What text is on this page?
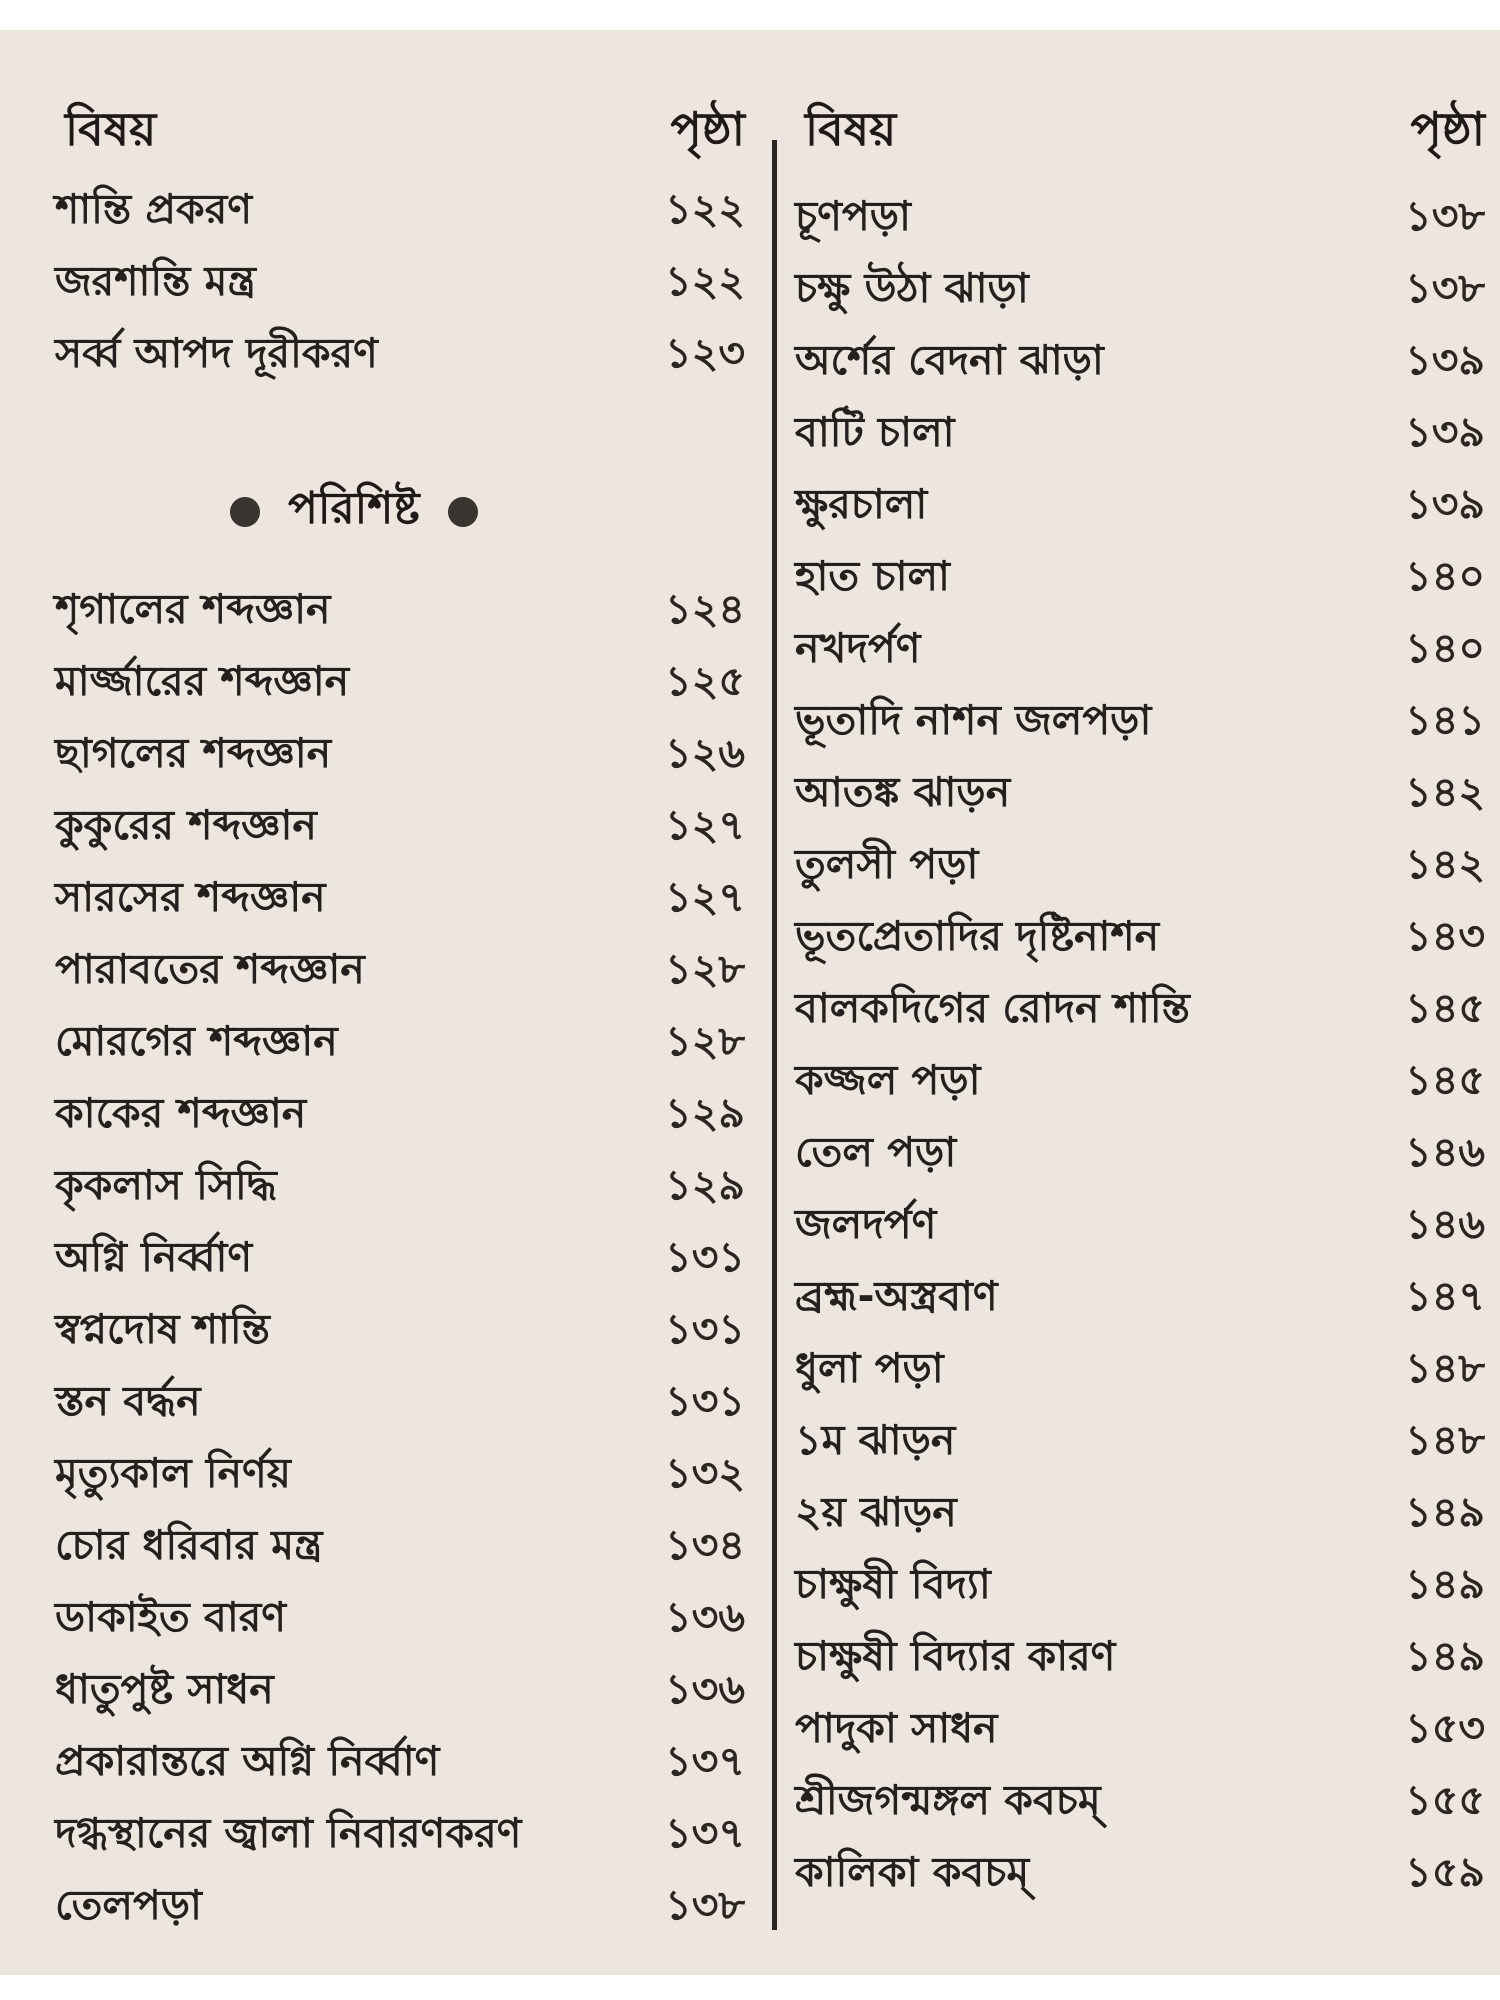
বিষয়	পৃষ্ঠা
শান্তি প্রকরণ	১২২
জরশান্তি মন্ত্র	১২২
সর্ব্ব আপদ দূরীকরণ	১২৩
পরিশিষ্ট
শৃগালের শব্দজ্ঞান	১২৪
মার্জ্জারের শব্দজ্ঞান	১২৫
ছাগলের শব্দজ্ঞান	১২৬
কুকুরের শব্দজ্ঞান	১২৭
সারসের শব্দজ্ঞান	১২৭
পারাবতের শব্দজ্ঞান	১২৮
মোরগের শব্দজ্ঞান	১২৮
কাকের শব্দজ্ঞান	১২৯
কৃকলাস সিদ্ধি	১২৯
অগ্নি নির্ব্বাণ	১৩১
স্বপ্নদোষ শান্তি	১৩১
স্তন বর্দ্ধন	১৩১
মৃত্যুকাল নির্ণয়	১৩২
চোর ধরিবার মন্ত্র	১৩৪
ডাকাইত বারণ	১৩৬
ধাতুপুষ্ট সাধন	১৩৬
প্রকারান্তরে অগ্নি নির্ব্বাণ	১৩৭
দগ্ধস্থানের জ্বালা নিবারণকরণ	১৩৭
তেলপড়া	১৩৮
বিষয়	পৃষ্ঠা
চূণপড়া	১৩৮
চক্ষু উঠা ঝাড়া	১৩৮
অর্শের বেদনা ঝাড়া	১৩৯
বাটি চালা	১৩৯
ক্ষুরচালা	১৩৯
হাত চালা	১৪০
নখদর্পণ	১৪০
ভূতাদি নাশন জলপড়া	১৪১
আতঙ্ক ঝাড়ন	১৪২
তুলসী পড়া	১৪২
ভূতপ্রেতাদির দৃষ্টিনাশন	১৪৩
বালকদিগের রোদন শান্তি	১৪৫
কজ্জল পড়া	১৪৫
তেল পড়া	১৪৬
জলদর্পণ	১৪৬
ব্রহ্ম-অস্ত্রবাণ	১৪৭
ধুলা পড়া	১৪৮
১ম ঝাড়ন	১৪৮
২য় ঝাড়ন	১৪৯
চাক্ষুষী বিদ্যা	১৪৯
চাক্ষুষী বিদ্যার কারণ	১৪৯
পাদুকা সাধন	১৫৩
শ্রীজগন্মঙ্গল কবচম্	১৫৫
কালিকা কবচম্	১৫৯
